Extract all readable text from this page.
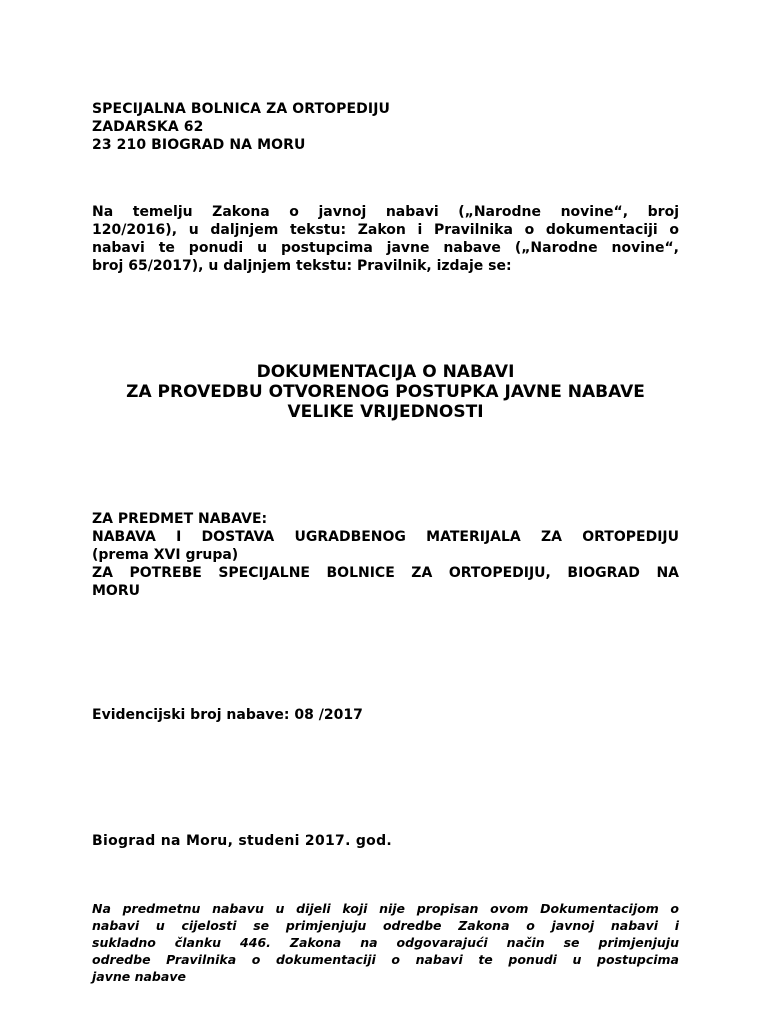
SPECIJALNA BOLNICA ZA ORTOPEDIJU
ZADARSKA 62
23 210 BIOGRAD NA MORU
Na temelju Zakona o javnoj nabavi („Narodne novine“, broj
120/2016), u daljnjem tekstu: Zakon i Pravilnika o dokumentaciji o
nabavi te ponudi u postupcima javne nabave („Narodne novine“,
broj 65/2017), u daljnjem tekstu: Pravilnik, izdaje se:
DOKUMENTACIJA O NABAVI
ZA PROVEDBU OTVORENOG POSTUPKA JAVNE NABAVE
VELIKE VRIJEDNOSTI
ZA PREDMET NABAVE:
NABAVA I DOSTAVA UGRADBENOG MATERIJALA ZA ORTOPEDIJU
(prema XVI grupa)
ZA POTREBE SPECIJALNE BOLNICE ZA ORTOPEDIJU, BIOGRAD NA
MORU
Evidencijski broj nabave: 08 /2017
Biograd na Moru, studeni 2017. god.
Na predmetnu nabavu u dijeli koji nije propisan ovom Dokumentacijom o
nabavi u cijelosti se primjenjuju odredbe Zakona o javnoj nabavi i
sukladno članku 446. Zakona na odgovarajući način se primjenjuju
odredbe Pravilnika o dokumentaciji o nabavi te ponudi u postupcima
javne nabave
